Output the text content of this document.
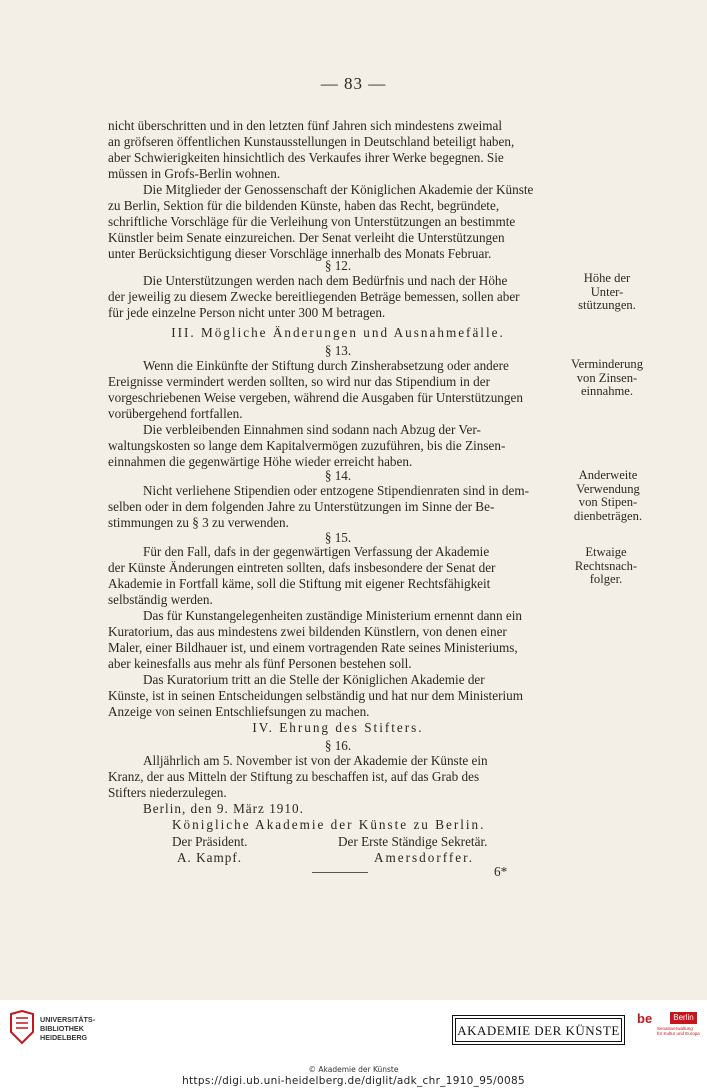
— 83 —
nicht überschritten und in den letzten fünf Jahren sich mindestens zweimal
an gröfseren öffentlichen Kunstausstellungen in Deutschland beteiligt haben,
aber Schwierigkeiten hinsichtlich des Verkaufes ihrer Werke begegnen. Sie
müssen in Grofs-Berlin wohnen.
Die Mitglieder der Genossenschaft der Königlichen Akademie der Künste
zu Berlin, Sektion für die bildenden Künste, haben das Recht, begründete,
schriftliche Vorschläge für die Verleihung von Unterstützungen an bestimmte
Künstler beim Senate einzureichen. Der Senat verleiht die Unterstützungen
unter Berücksichtigung dieser Vorschläge innerhalb des Monats Februar.
§ 12.
Die Unterstützungen werden nach dem Bedürfnis und nach der Höhe
der jeweilig zu diesem Zwecke bereitliegenden Beträge bemessen, sollen aber
für jede einzelne Person nicht unter 300 M betragen.
Höhe der
Unter-
stützungen.
III. Mögliche Änderungen und Ausnahmefälle.
§ 13.
Wenn die Einkünfte der Stiftung durch Zinsherabsetzung oder andere
Ereignisse vermindert werden sollten, so wird nur das Stipendium in der
vorgeschriebenen Weise vergeben, während die Ausgaben für Unterstützungen
vorübergehend fortfallen.
Die verbleibenden Einnahmen sind sodann nach Abzug der Ver-
waltungskosten so lange dem Kapitalvermögen zuzuführen, bis die Zinsen-
einnahmen die gegenwärtige Höhe wieder erreicht haben.
Verminderung
von Zinsen-
einnahme.
§ 14.
Nicht verliehene Stipendien oder entzogene Stipendienraten sind in dem-
selben oder in dem folgenden Jahre zu Unterstützungen im Sinne der Be-
stimmungen zu § 3 zu verwenden.
Anderweite
Verwendung
von Stipen-
dienbeträgen.
§ 15.
Für den Fall, dafs in der gegenwärtigen Verfassung der Akademie
der Künste Änderungen eintreten sollten, dafs insbesondere der Senat der
Akademie in Fortfall käme, soll die Stiftung mit eigener Rechtsfähigkeit
selbständig werden.
Das für Kunstangelegenheiten zuständige Ministerium ernennt dann ein
Kuratorium, das aus mindestens zwei bildenden Künstlern, von denen einer
Maler, einer Bildhauer ist, und einem vortragenden Rate seines Ministeriums,
aber keinesfalls aus mehr als fünf Personen bestehen soll.
Das Kuratorium tritt an die Stelle der Königlichen Akademie der
Künste, ist in seinen Entscheidungen selbständig und hat nur dem Ministerium
Anzeige von seinen Entschliefsungen zu machen.
Etwaige
Rechtsnach-
folger.
IV. Ehrung des Stifters.
§ 16.
Alljährlich am 5. November ist von der Akademie der Künste ein
Kranz, der aus Mitteln der Stiftung zu beschaffen ist, auf das Grab des
Stifters niederzulegen.
Berlin, den 9. März 1910.
Königliche Akademie der Künste zu Berlin.
Der Präsident.	Der Erste Ständige Sekretär.
A. Kampf.	Amersdorffer.
6*
UNIVERSITÄTS-
BIBLIOTHEK
HEIDELBERG	AKADEMIE DER KÜNSTE
be	Berlin
Senatsverwaltung
für Kultur und Europa
© Akademie der Künste
https://digi.ub.uni-heidelberg.de/diglit/adk_chr_1910_95/0085
